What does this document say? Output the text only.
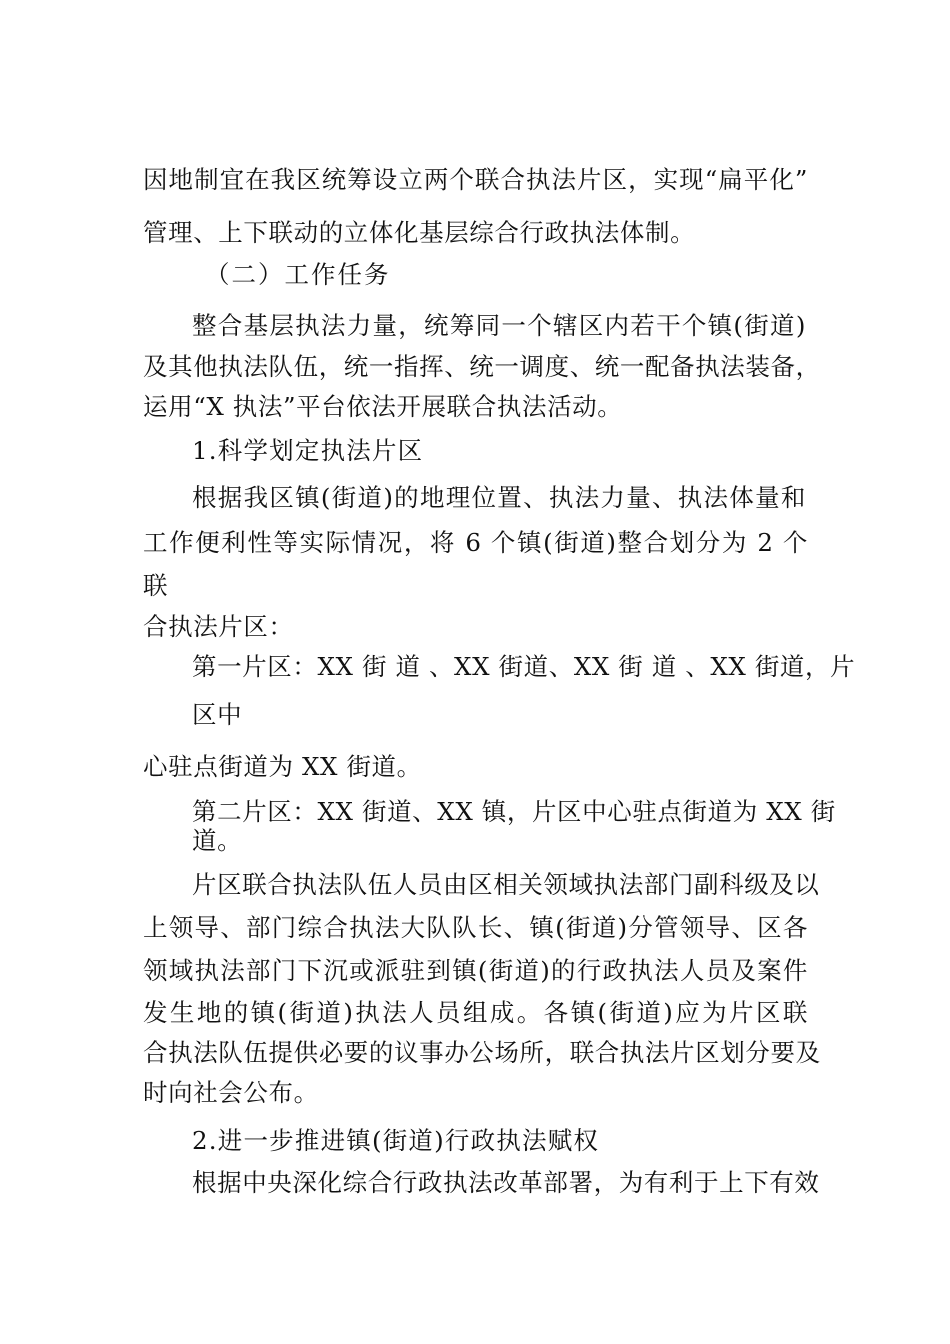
因地制宜在我区统筹设立两个联合执法片区，实现“扁平化”

管理、上下联动的立体化基层综合行政执法体制。

（二）工作任务

整合基层执法力量，统筹同一个辖区内若干个镇(街道)

及其他执法队伍，统一指挥、统一调度、统一配备执法装备，

运用“X 执法”平台依法开展联合执法活动。

1.科学划定执法片区

根据我区镇(街道)的地理位置、执法力量、执法体量和

工作便利性等实际情况，将 6 个镇(街道)整合划分为 2 个

联

合执法片区：

第一片区：XX 街 道 、XX 街道、XX 街 道 、XX 街道，片

区中

心驻点街道为 XX 街道。

第二片区：XX 街道、XX 镇，片区中心驻点街道为 XX 街

道。

片区联合执法队伍人员由区相关领域执法部门副科级及以

上领导、部门综合执法大队队长、镇(街道)分管领导、区各

领域执法部门下沉或派驻到镇(街道)的行政执法人员及案件

发生地的镇(街道)执法人员组成。各镇(街道)应为片区联

合执法队伍提供必要的议事办公场所，联合执法片区划分要及

时向社会公布。

2.进一步推进镇(街道)行政执法赋权

根据中央深化综合行政执法改革部署，为有利于上下有效
